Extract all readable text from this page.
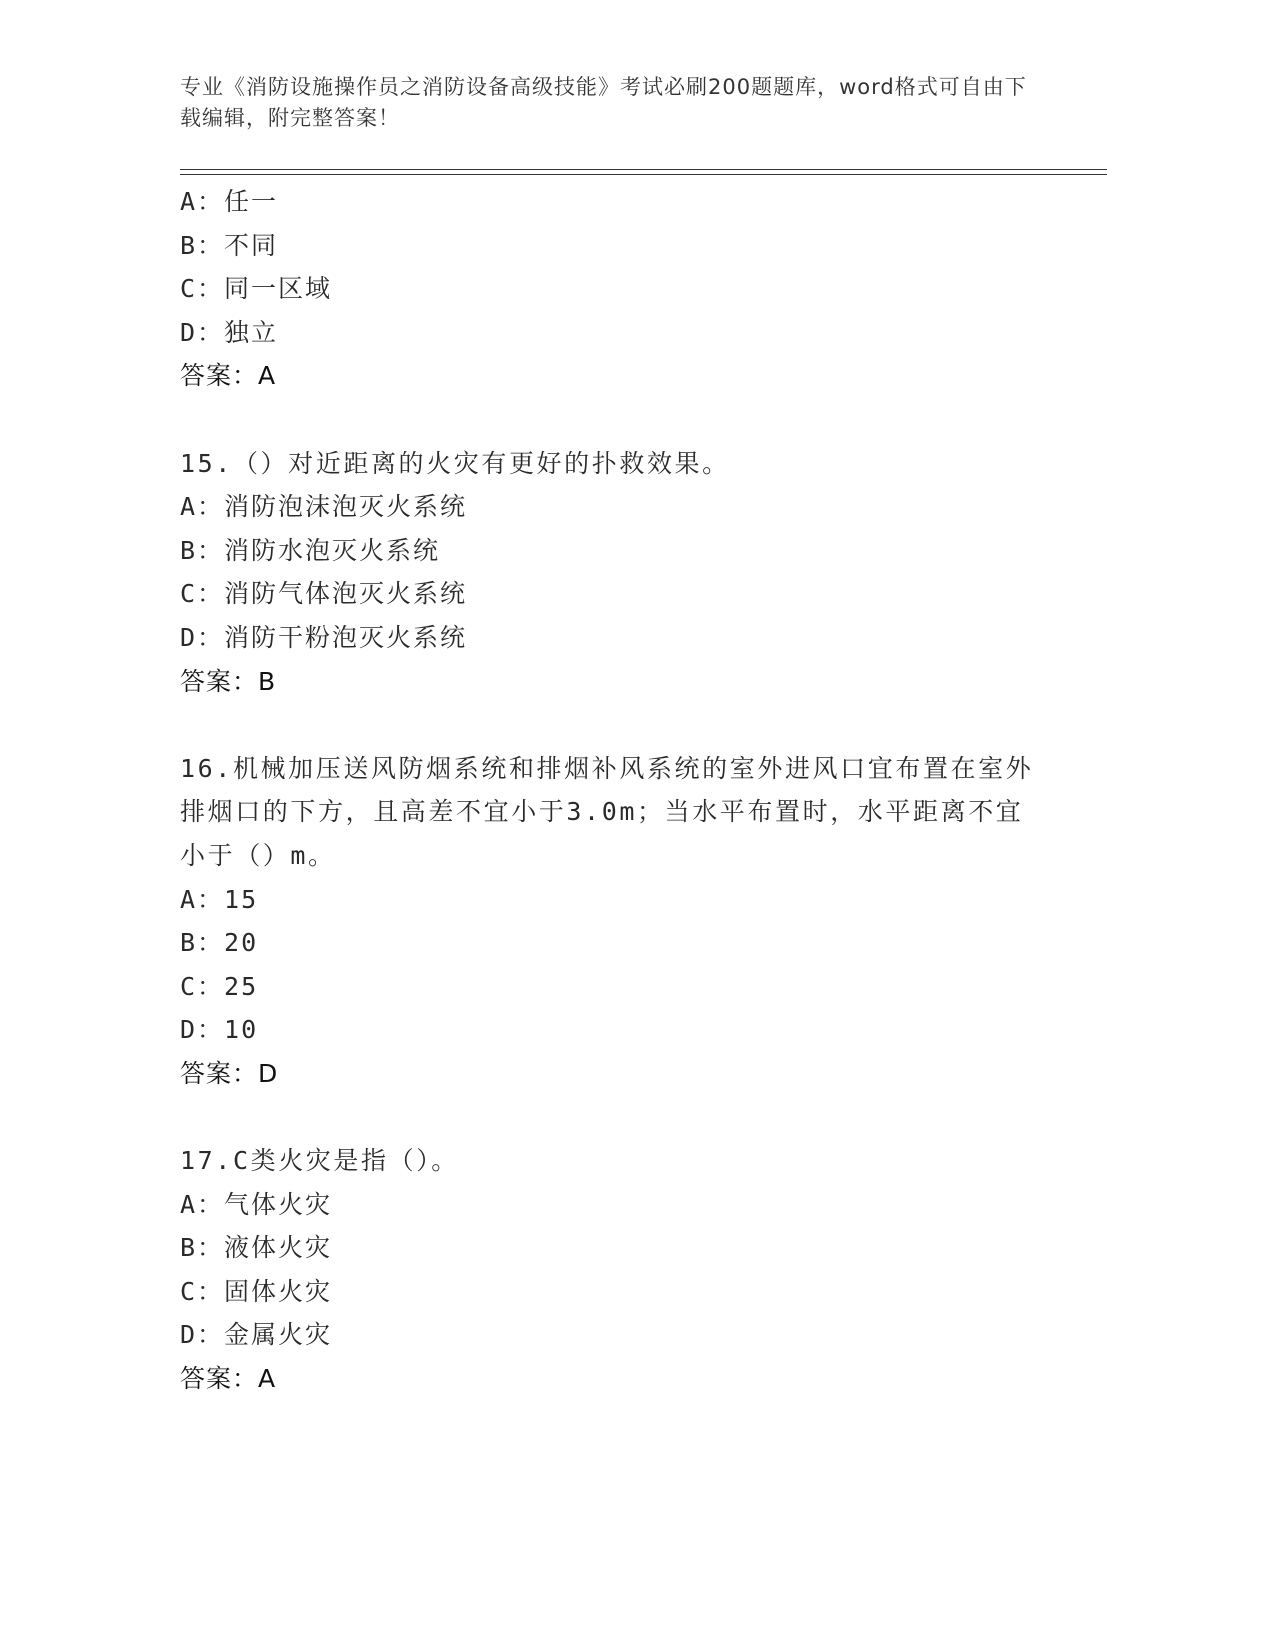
专业《消防设施操作员之消防设备高级技能》考试必刷200题题库，word格式可自由下载编辑，附完整答案！
A：任一
B：不同
C：同一区域
D：独立
答案：A
15.（）对近距离的火灾有更好的扑救效果。
A：消防泡沫泡灭火系统
B：消防水泡灭火系统
C：消防气体泡灭火系统
D：消防干粉泡灭火系统
答案：B
16.机械加压送风防烟系统和排烟补风系统的室外进风口宜布置在室外
排烟口的下方，且高差不宜小于3.0m；当水平布置时，水平距离不宜
小于（）m。
A：15
B：20
C：25
D：10
答案：D
17.C类火灾是指（）。
A：气体火灾
B：液体火灾
C：固体火灾
D：金属火灾
答案：A
